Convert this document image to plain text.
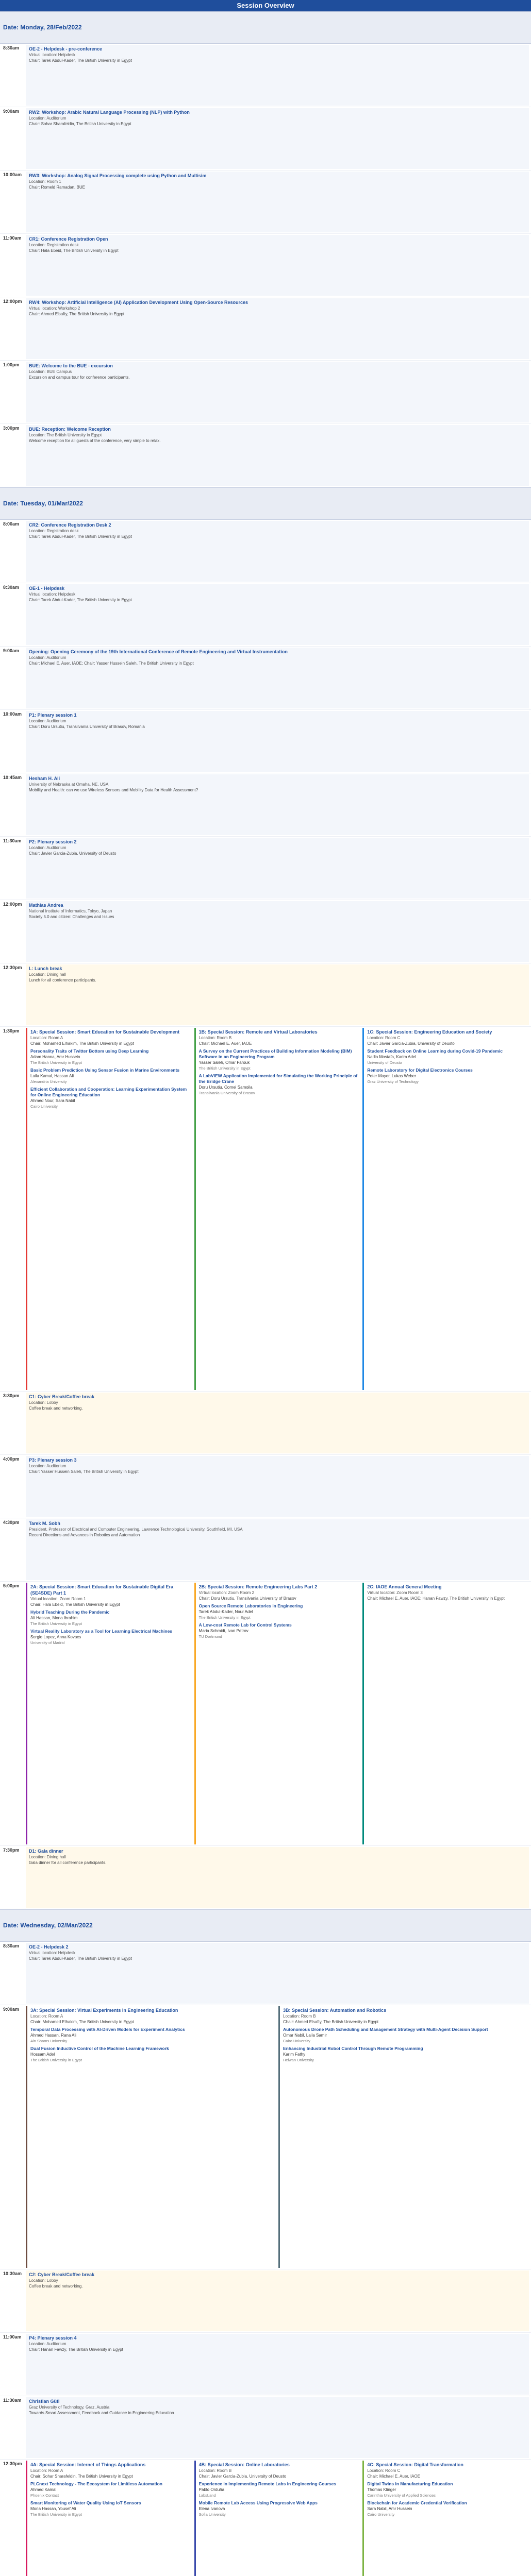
Session Overview
Date: Monday, 28/Feb/2022
8:30am	OE-2 - Helpdesk - pre-conference
Virtual location: Helpdesk
Chair: Tarek Abdul-Kader, The British University in Egypt
9:00am	RW2: Workshop: Arabic Natural Language Processing (NLP) with Python
Location: Auditorium
Chair: Sohar Sharafeldin, The British University in Egypt
10:00am	RW3: Workshop: Analog Signal Processing complete using Python and Multisim
Location: Room 1
Chair: Romeld Ramadan, BUE
11:00am	CR1: Conference Registration Open
Location: Registration desk
Chair: Hala Ebeid, The British University in Egypt
12:00pm	RW4: Workshop: Artificial Intelligence (AI) Application Development Using Open-Source Resources
Virtual location: Workshop 2
Chair: Ahmed Elsafty, The British University in Egypt
1:00pm	BUE: Welcome to the BUE - excursion
Location: BUE Campus
Excursion and campus tour for conference participants.
3:00pm	BUE: Reception: Welcome Reception
Location: The British University in Egypt
Welcome reception for all guests of the conference, very simple to relax.
Date: Tuesday, 01/Mar/2022
8:00am	CR2: Conference Registration Desk 2
Location: Registration desk
Chair: Tarek Abdul-Kader, The British University in Egypt
8:30am	OE-1 - Helpdesk
Virtual location: Helpdesk
Chair: Tarek Abdul-Kader, The British University in Egypt
9:00am	Opening: Opening Ceremony of the 19th International Conference of Remote Engineering and Virtual Instrumentation
Location: Auditorium
Chair: Michael E. Auer, IAOE; Chair: Yasser Hussein Saleh, The British University in Egypt
10:00am	P1: Plenary session 1
Location: Auditorium
Chair: Doru Ursutiu, Transilvania University of Brasov, Romania
10:45am	Hesham H. Ali
University of Nebraska at Omaha, NE, USA
Mobility and Health: can we use Wireless Sensors and Mobility Data for Health Assessment?
11:30am	P2: Plenary session 2
Location: Auditorium
Chair: Javier Garcia-Zubia, University of Deusto
12:00pm	Mathias Andrea
National Institute of Informatics, Tokyo, Japan
Society 5.0 and citizen: Challenges and Issues
12:30pm	L: Lunch break
Location: Dining hall
Lunch for all conference participants.
1:30pm	1A: Special Session: Smart Education for Sustainable Development
Location: Room A
Chair: Mohamed Elhakim, The British University in Egypt
Personality Traits of Twitter Bottom using Deep Learning
Adam Hanna, Amr Hussein
The British University in Egypt
Basic Problem Prediction Using Sensor Fusion in Marine Environments
Laila Kamal, Hassan Ali
Alexandria University
Efficient Collaboration and Cooperation: Learning Experimentation System for Online Engineering Education
Ahmed Nour, Sara Nabil
Cairo University
1B: Special Session: Remote and Virtual Laboratories
Location: Room B
Chair: Michael E. Auer, IAOE
A Survey on the Current Practices of Building Information Modeling (BIM) Software in an Engineering Program
Yasser Saleh, Omar Farouk
The British University in Egypt
A LabVIEW Application Implemented for Simulating the Working Principle of the Bridge Crane
Doru Ursutiu, Cornel Samoila
Transilvania University of Brasov
1C: Special Session: Engineering Education and Society
Location: Room C
Chair: Javier Garcia-Zubia, University of Deusto
Student Feedback on Online Learning during Covid-19 Pandemic
Nadia Mostafa, Karim Adel
University of Deusto
Remote Laboratory for Digital Electronics Courses
Peter Mayer, Lukas Weber
Graz University of Technology
3:30pm	C1: Cyber Break/Coffee break
Location: Lobby
Coffee break and networking.
4:00pm	P3: Plenary session 3
Location: Auditorium
Chair: Yasser Hussein Saleh, The British University in Egypt
4:30pm	Tarek M. Sobh
President, Professor of Electrical and Computer Engineering, Lawrence Technological University, Southfield, MI, USA
Recent Directions and Advances in Robotics and Automation
5:00pm	2A: Special Session: Smart Education for Sustainable Digital Era (SE4SDE) Part 1
Virtual location: Zoom Room 1
Chair: Hala Ebeid, The British University in Egypt
Hybrid Teaching During the Pandemic
Ali Hassan, Mona Ibrahim
The British University in Egypt
Virtual Reality Laboratory as a Tool for Learning Electrical Machines
Sergio Lopez, Anna Kovacs
University of Madrid
2B: Special Session: Remote Engineering Labs Part 2
Virtual location: Zoom Room 2
Chair: Doru Ursutiu, Transilvania University of Brasov
Open Source Remote Laboratories in Engineering
Tarek Abdul-Kader, Nour Adel
The British University in Egypt
A Low-cost Remote Lab for Control Systems
Maria Schmidt, Ivan Petrov
TU Dortmund
2C: IAOE Annual General Meeting
Virtual location: Zoom Room 3
Chair: Michael E. Auer, IAOE; Hanan Fawzy, The British University in Egypt
7:30pm	D1: Gala dinner
Location: Dining hall
Gala dinner for all conference participants.
Date: Wednesday, 02/Mar/2022
8:30am	OE-2 - Helpdesk 2
Virtual location: Helpdesk
Chair: Tarek Abdul-Kader, The British University in Egypt
9:00am	3A: Special Session: Virtual Experiments in Engineering Education
Location: Room A
Chair: Mohamed Elhakim, The British University in Egypt
Temporal Data Processing with AI-Driven Models for Experiment Analytics
Ahmed Hassan, Rana Ali
Ain Shams University
Dual Fusion Inductive Control of the Machine Learning Framework
Hossam Adel
The British University in Egypt
3B: Special Session: Automation and Robotics
Location: Room B
Chair: Ahmed Elsafty, The British University in Egypt
Autonomous Drone Path Scheduling and Management Strategy with Multi-Agent Decision Support
Omar Nabil, Laila Samir
Cairo University
Enhancing Industrial Robot Control Through Remote Programming
Karim Fathy
Helwan University
10:30am	C2: Cyber Break/Coffee break
Location: Lobby
Coffee break and networking.
11:00am	P4: Plenary session 4
Location: Auditorium
Chair: Hanan Fawzy, The British University in Egypt
11:30am	Christian Gütl
Graz University of Technology, Graz, Austria
Towards Smart Assessment, Feedback and Guidance in Engineering Education
12:30pm	4A: Special Session: Internet of Things Applications
Location: Room A
Chair: Sohar Sharafeldin, The British University in Egypt
PLCnext Technology - The Ecosystem for Limitless Automation
Ahmed Kamal
Phoenix Contact
Smart Monitoring of Water Quality Using IoT Sensors
Mona Hassan, Yousef Ali
The British University in Egypt
4B: Special Session: Online Laboratories
Location: Room B
Chair: Javier Garcia-Zubia, University of Deusto
Experience in Implementing Remote Labs in Engineering Courses
Pablo Orduña
LabsLand
Mobile Remote Lab Access Using Progressive Web Apps
Elena Ivanova
Sofia University
4C: Special Session: Digital Transformation
Location: Room C
Chair: Michael E. Auer, IAOE
Digital Twins in Manufacturing Education
Thomas Klinger
Carinthia University of Applied Sciences
Blockchain for Academic Credential Verification
Sara Nabil, Amr Hussein
Cairo University
